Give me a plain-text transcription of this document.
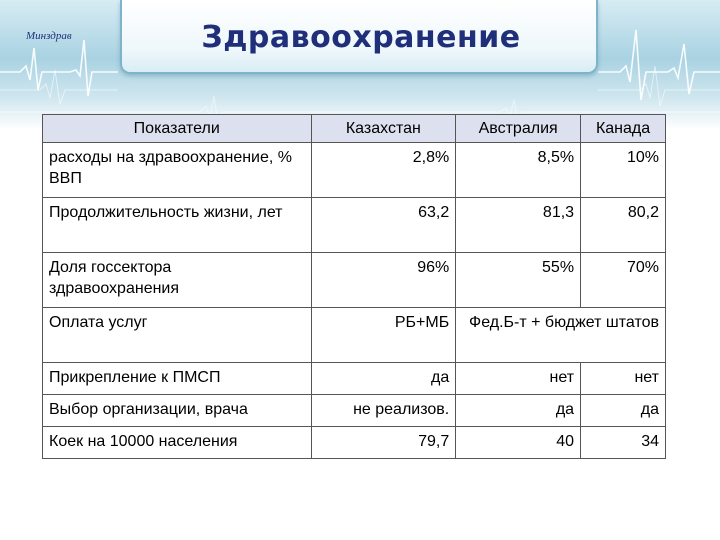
Минздрав	Здравоохранение
Показатели	Казахстан	Австралия	Канада
расходы на здравоохранение, % ВВП	2,8%	8,5%	10%
Продолжительность жизни, лет	63,2	81,3	80,2
Доля госсектора здравоохранения	96%	55%	70%
Оплата услуг	РБ+МБ	Фед.Б-т + бюджет штатов	
Прикрепление к ПМСП	да	нет	нет
Выбор организации, врача	не реализов.	да	да
Коек на 10000 населения	79,7	40	34
